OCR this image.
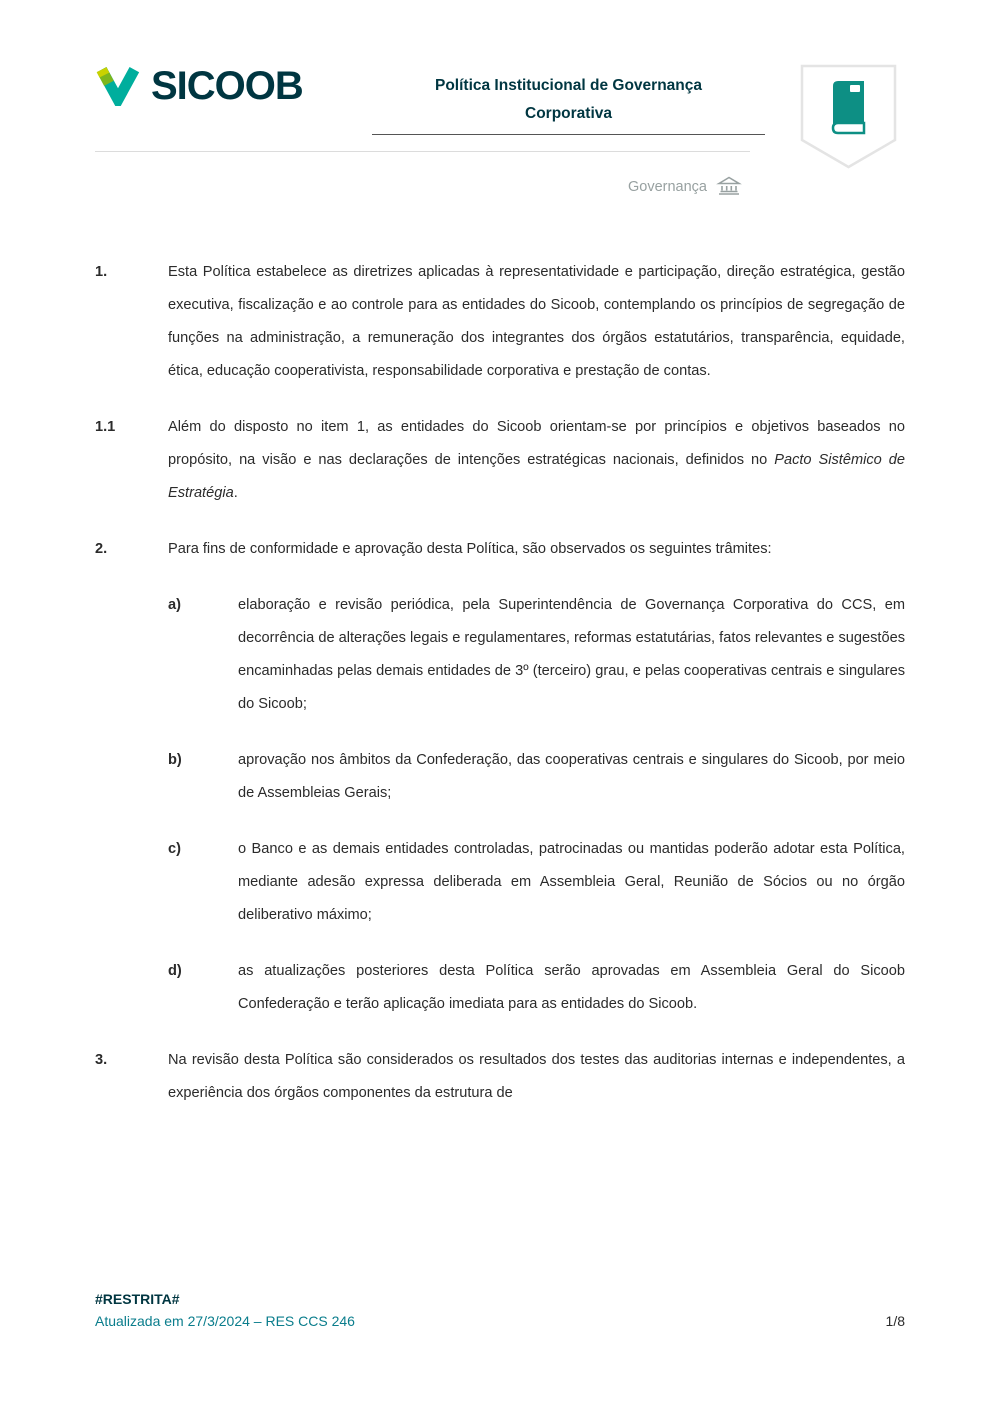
SICOOB	Política Institucional de Governança
Corporativa
Governança
1.	Esta Política estabelece as diretrizes aplicadas à representatividade e participação, direção estratégica, gestão executiva, fiscalização e ao controle para as entidades do Sicoob, contemplando os princípios de segregação de funções na administração, a remuneração dos integrantes dos órgãos estatutários, transparência, equidade, ética, educação cooperativista, responsabilidade corporativa e prestação de contas.
1.1	Além do disposto no item 1, as entidades do Sicoob orientam-se por princípios e objetivos baseados no propósito, na visão e nas declarações de intenções estratégicas nacionais, definidos no Pacto Sistêmico de Estratégia.
2.	Para fins de conformidade e aprovação desta Política, são observados os seguintes trâmites:
a)	elaboração e revisão periódica, pela Superintendência de Governança Corporativa do CCS, em decorrência de alterações legais e regulamentares, reformas estatutárias, fatos relevantes e sugestões encaminhadas pelas demais entidades de 3º (terceiro) grau, e pelas cooperativas centrais e singulares do Sicoob;
b)	aprovação nos âmbitos da Confederação, das cooperativas centrais e singulares do Sicoob, por meio de Assembleias Gerais;
c)	o Banco e as demais entidades controladas, patrocinadas ou mantidas poderão adotar esta Política, mediante adesão expressa deliberada em Assembleia Geral, Reunião de Sócios ou no órgão deliberativo máximo;
d)	as atualizações posteriores desta Política serão aprovadas em Assembleia Geral do Sicoob Confederação e terão aplicação imediata para as entidades do Sicoob.
3.	Na revisão desta Política são considerados os resultados dos testes das auditorias internas e independentes, a experiência dos órgãos componentes da estrutura de
#RESTRITA#
Atualizada em 27/3/2024 – RES CCS 246	1/8
